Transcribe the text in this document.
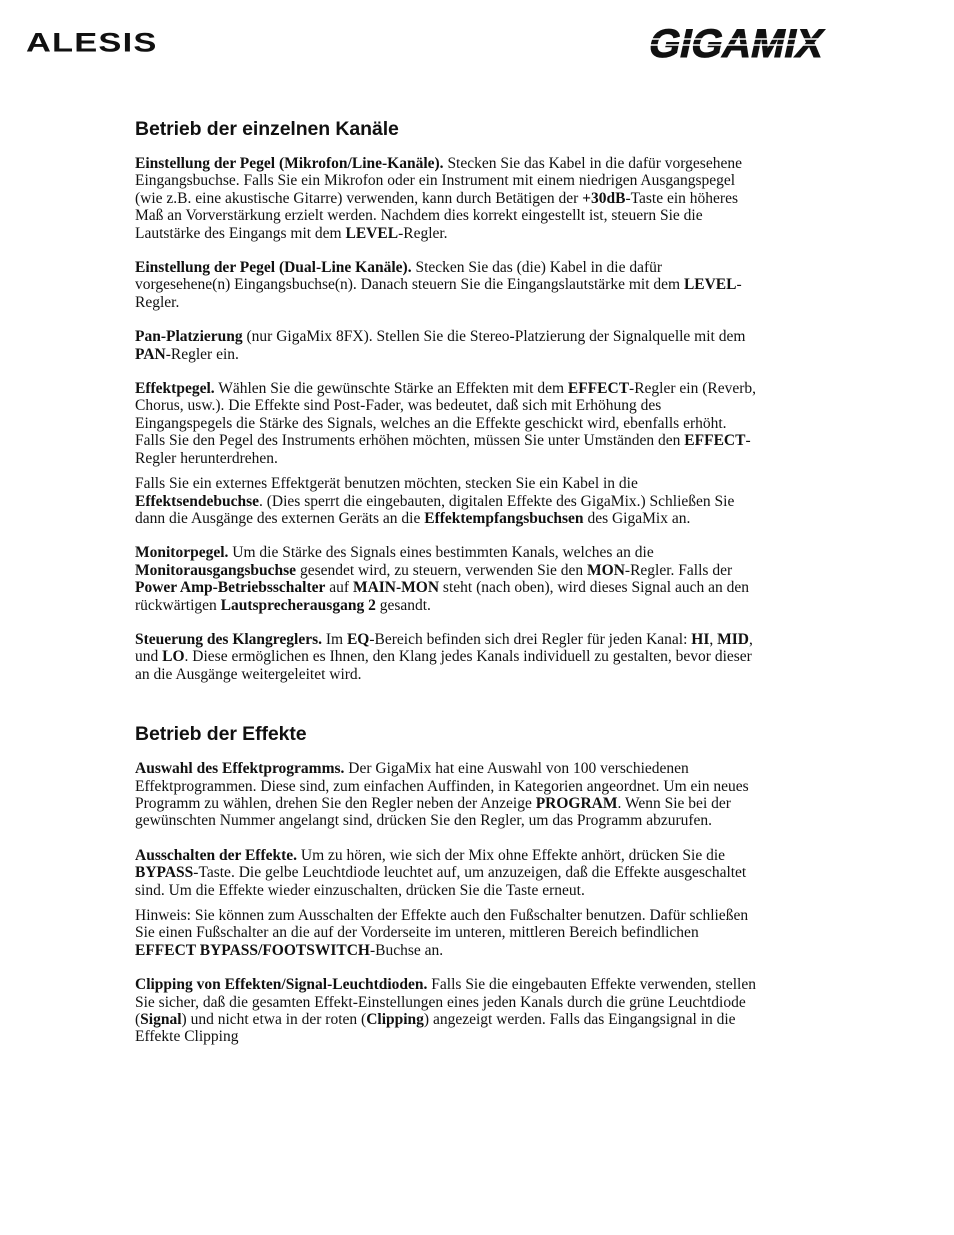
ALESIS	GIGAMIX
Betrieb der einzelnen Kanäle

Einstellung der Pegel (Mikrofon/Line-Kanäle). Stecken Sie das Kabel in die dafür vorgesehene Eingangsbuchse. Falls Sie ein Mikrofon oder ein Instrument mit einem niedrigen Ausgangspegel (wie z.B. eine akustische Gitarre) verwenden, kann durch Betätigen der +30dB-Taste ein höheres Maß an Vorverstärkung erzielt werden. Nachdem dies korrekt eingestellt ist, steuern Sie die Lautstärke des Eingangs mit dem LEVEL-Regler.

Einstellung der Pegel (Dual-Line Kanäle). Stecken Sie das (die) Kabel in die dafür vorgesehene(n) Eingangsbuchse(n). Danach steuern Sie die Eingangslautstärke mit dem LEVEL-Regler.

Pan-Platzierung (nur GigaMix 8FX). Stellen Sie die Stereo-Platzierung der Signalquelle mit dem PAN-Regler ein.

Effektpegel. Wählen Sie die gewünschte Stärke an Effekten mit dem EFFECT-Regler ein (Reverb, Chorus, usw.). Die Effekte sind Post-Fader, was bedeutet, daß sich mit Erhöhung des Eingangspegels die Stärke des Signals, welches an die Effekte geschickt wird, ebenfalls erhöht. Falls Sie den Pegel des Instruments erhöhen möchten, müssen Sie unter Umständen den EFFECT-Regler herunterdrehen.

Falls Sie ein externes Effektgerät benutzen möchten, stecken Sie ein Kabel in die Effektsendebuchse. (Dies sperrt die eingebauten, digitalen Effekte des GigaMix.) Schließen Sie dann die Ausgänge des externen Geräts an die Effektempfangsbuchsen des GigaMix an.

Monitorpegel. Um die Stärke des Signals eines bestimmten Kanals, welches an die Monitorausgangsbuchse gesendet wird, zu steuern, verwenden Sie den MON-Regler. Falls der Power Amp-Betriebsschalter auf MAIN-MON steht (nach oben), wird dieses Signal auch an den rückwärtigen Lautsprecherausgang 2 gesandt.

Steuerung des Klangreglers. Im EQ-Bereich befinden sich drei Regler für jeden Kanal: HI, MID, und LO. Diese ermöglichen es Ihnen, den Klang jedes Kanals individuell zu gestalten, bevor dieser an die Ausgänge weitergeleitet wird.

Betrieb der Effekte

Auswahl des Effektprogramms. Der GigaMix hat eine Auswahl von 100 verschiedenen Effektprogrammen. Diese sind, zum einfachen Auffinden, in Kategorien angeordnet. Um ein neues Programm zu wählen, drehen Sie den Regler neben der Anzeige PROGRAM. Wenn Sie bei der gewünschten Nummer angelangt sind, drücken Sie den Regler, um das Programm abzurufen.

Ausschalten der Effekte. Um zu hören, wie sich der Mix ohne Effekte anhört, drücken Sie die BYPASS-Taste. Die gelbe Leuchtdiode leuchtet auf, um anzuzeigen, daß die Effekte ausgeschaltet sind. Um die Effekte wieder einzuschalten, drücken Sie die Taste erneut.

Hinweis: Sie können zum Ausschalten der Effekte auch den Fußschalter benutzen. Dafür schließen Sie einen Fußschalter an die auf der Vorderseite im unteren, mittleren Bereich befindlichen EFFECT BYPASS/FOOTSWITCH-Buchse an.

Clipping von Effekten/Signal-Leuchtdioden. Falls Sie die eingebauten Effekte verwenden, stellen Sie sicher, daß die gesamten Effekt-Einstellungen eines jeden Kanals durch die grüne Leuchtdiode (Signal) und nicht etwa in der roten (Clipping) angezeigt werden. Falls das Eingangsignal in die Effekte Clipping
